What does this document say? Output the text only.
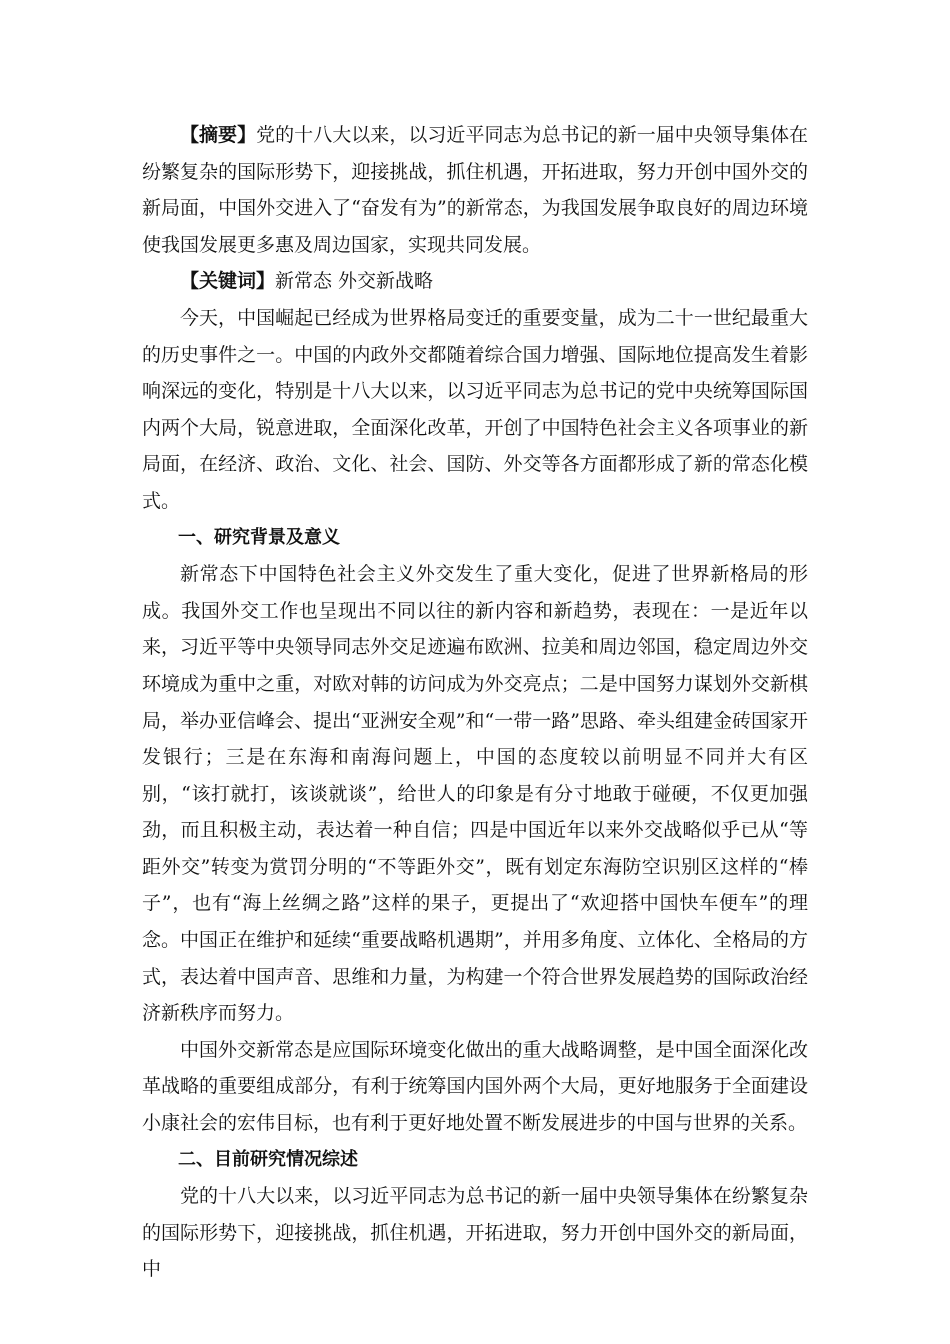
【摘要】党的十八大以来，以习近平同志为总书记的新一届中央领导集体在纷繁复杂的国际形势下，迎接挑战，抓住机遇，开拓进取，努力开创中国外交的新局面，中国外交进入了“奋发有为”的新常态，为我国发展争取良好的周边环境使我国发展更多惠及周边国家，实现共同发展。

【关键词】新常态 外交新战略

今天，中国崛起已经成为世界格局变迁的重要变量，成为二十一世纪最重大的历史事件之一。中国的内政外交都随着综合国力增强、国际地位提高发生着影响深远的变化，特别是十八大以来，以习近平同志为总书记的党中央统筹国际国内两个大局，锐意进取，全面深化改革，开创了中国特色社会主义各项事业的新局面，在经济、政治、文化、社会、国防、外交等各方面都形成了新的常态化模式。

一、研究背景及意义

新常态下中国特色社会主义外交发生了重大变化，促进了世界新格局的形成。我国外交工作也呈现出不同以往的新内容和新趋势，表现在：一是近年以来，习近平等中央领导同志外交足迹遍布欧洲、拉美和周边邻国，稳定周边外交环境成为重中之重，对欧对韩的访问成为外交亮点；二是中国努力谋划外交新棋局，举办亚信峰会、提出“亚洲安全观”和“一带一路”思路、牵头组建金砖国家开发银行；三是在东海和南海问题上，中国的态度较以前明显不同并大有区别，“该打就打，该谈就谈”，给世人的印象是有分寸地敢于碰硬，不仅更加强劲，而且积极主动，表达着一种自信；四是中国近年以来外交战略似乎已从“等距外交”转变为赏罚分明的“不等距外交”，既有划定东海防空识别区这样的“棒子”，也有“海上丝绸之路”这样的果子，更提出了“欢迎搭中国快车便车”的理念。中国正在维护和延续“重要战略机遇期”，并用多角度、立体化、全格局的方式，表达着中国声音、思维和力量，为构建一个符合世界发展趋势的国际政治经济新秩序而努力。

中国外交新常态是应国际环境变化做出的重大战略调整，是中国全面深化改革战略的重要组成部分，有利于统筹国内国外两个大局，更好地服务于全面建设小康社会的宏伟目标，也有利于更好地处置不断发展进步的中国与世界的关系。

二、目前研究情况综述

党的十八大以来，以习近平同志为总书记的新一届中央领导集体在纷繁复杂的国际形势下，迎接挑战，抓住机遇，开拓进取，努力开创中国外交的新局面，中
